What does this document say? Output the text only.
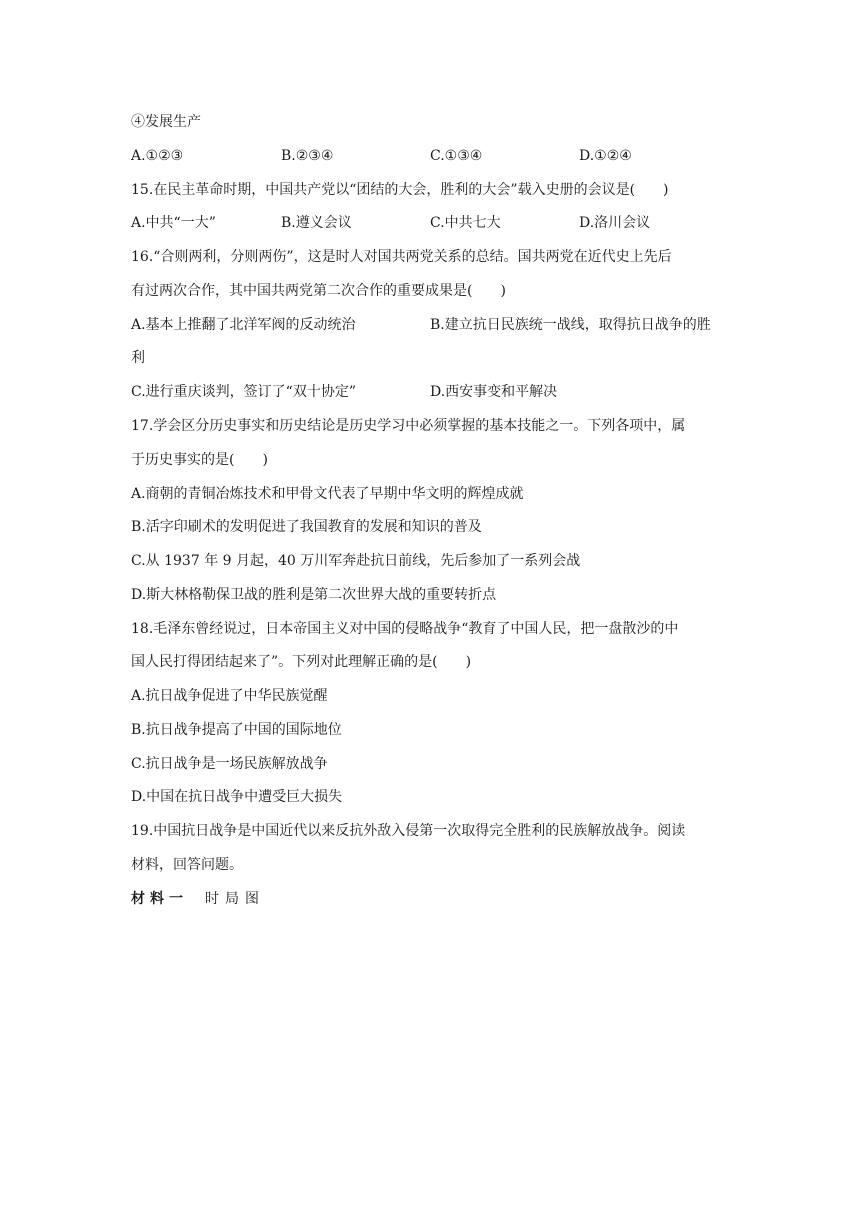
④发展生产
A.①②③	B.②③④	C.①③④	D.①②④
15.在民主革命时期，中国共产党以“团结的大会，胜利的大会”载入史册的会议是(　　)
A.中共“一大”	B.遵义会议	C.中共七大	D.洛川会议
16.“合则两利，分则两伤”，这是时人对国共两党关系的总结。国共两党在近代史上先后
有过两次合作，其中国共两党第二次合作的重要成果是(　　)
A.基本上推翻了北洋军阀的反动统治	B.建立抗日民族统一战线，取得抗日战争的胜
利
C.进行重庆谈判，签订了“双十协定”	D.西安事变和平解决
17.学会区分历史事实和历史结论是历史学习中必须掌握的基本技能之一。下列各项中，属
于历史事实的是(　　)
A.商朝的青铜冶炼技术和甲骨文代表了早期中华文明的辉煌成就
B.活字印刷术的发明促进了我国教育的发展和知识的普及
C.从 1937 年 9 月起，40 万川军奔赴抗日前线，先后参加了一系列会战
D.斯大林格勒保卫战的胜利是第二次世界大战的重要转折点
18.毛泽东曾经说过，日本帝国主义对中国的侵略战争“教育了中国人民，把一盘散沙的中
国人民打得团结起来了”。下列对此理解正确的是(　　)
A.抗日战争促进了中华民族觉醒
B.抗日战争提高了中国的国际地位
C.抗日战争是一场民族解放战争
D.中国在抗日战争中遭受巨大损失
19.中国抗日战争是中国近代以来反抗外敌入侵第一次取得完全胜利的民族解放战争。阅读
材料，回答问题。
材料一 时局图
